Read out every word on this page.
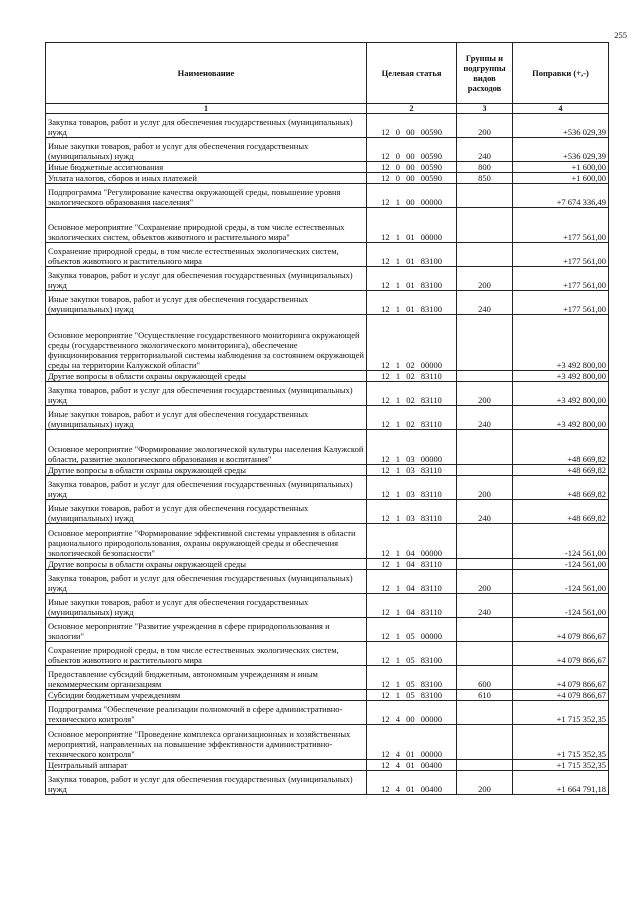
255
Наименование	Целевая статья	Группы и подгруппы видов расходов	Поправки (+,-)
1	2	3	4
Закупка товаров, работ и услуг для обеспечения государственных (муниципальных) нужд	12 0 00 00590	200	+536 029,39
Иные закупки товаров, работ и услуг для обеспечения государственных (муниципальных) нужд	12 0 00 00590	240	+536 029,39
Иные бюджетные ассигнования	12 0 00 00590	800	+1 600,00
Уплата налогов, сборов и иных платежей	12 0 00 00590	850	+1 600,00
Подпрограмма "Регулирование качества окружающей среды, повышение уровня экологического образования населения"	12 1 00 00000		+7 674 336,49
Основное мероприятие "Сохранение природной среды, в том числе естественных экологических систем, объектов животного и растительного мира"	12 1 01 00000		+177 561,00
Сохранение природной среды, в том числе естественных экологических систем, объектов животного и растительного мира	12 1 01 83100		+177 561,00
Закупка товаров, работ и услуг для обеспечения государственных (муниципальных) нужд	12 1 01 83100	200	+177 561,00
Иные закупки товаров, работ и услуг для обеспечения государственных (муниципальных) нужд	12 1 01 83100	240	+177 561,00
Основное мероприятие "Осуществление государственного мониторинга окружающей среды (государственного экологического мониторинга), обеспечение функционирования территориальной системы наблюдения за состоянием окружающей среды на территории Калужской области"	12 1 02 00000		+3 492 800,00
Другие вопросы в области охраны окружающей среды	12 1 02 83110		+3 492 800,00
Закупка товаров, работ и услуг для обеспечения государственных (муниципальных) нужд	12 1 02 83110	200	+3 492 800,00
Иные закупки товаров, работ и услуг для обеспечения государственных (муниципальных) нужд	12 1 02 83110	240	+3 492 800,00
Основное мероприятие "Формирование экологической культуры населения Калужской области, развитие экологического образования и воспитания"	12 1 03 00000		+48 669,82
Другие вопросы в области охраны окружающей среды	12 1 03 83110		+48 669,82
Закупка товаров, работ и услуг для обеспечения государственных (муниципальных) нужд	12 1 03 83110	200	+48 669,82
Иные закупки товаров, работ и услуг для обеспечения государственных (муниципальных) нужд	12 1 03 83110	240	+48 669,82
Основное мероприятие "Формирование эффективной системы управления в области рационального природопользования, охраны окружающей среды и обеспечения экологической безопасности"	12 1 04 00000		-124 561,00
Другие вопросы в области охраны окружающей среды	12 1 04 83110		-124 561,00
Закупка товаров, работ и услуг для обеспечения государственных (муниципальных) нужд	12 1 04 83110	200	-124 561,00
Иные закупки товаров, работ и услуг для обеспечения государственных (муниципальных) нужд	12 1 04 83110	240	-124 561,00
Основное мероприятие "Развитие учреждения в сфере природопользования и экологии"	12 1 05 00000		+4 079 866,67
Сохранение природной среды, в том числе естественных экологических систем, объектов животного и растительного мира	12 1 05 83100		+4 079 866,67
Предоставление субсидий бюджетным, автономным учреждениям и иным некоммерческим организациям	12 1 05 83100	600	+4 079 866,67
Субсидии бюджетным учреждениям	12 1 05 83100	610	+4 079 866,67
Подпрограмма "Обеспечение реализации полномочий в сфере административно-технического контроля"	12 4 00 00000		+1 715 352,35
Основное мероприятие "Проведение комплекса организационных и хозяйственных мероприятий, направленных на повышение эффективности административно-технического контроля"	12 4 01 00000		+1 715 352,35
Центральный аппарат	12 4 01 00400		+1 715 352,35
Закупка товаров, работ и услуг для обеспечения государственных (муниципальных) нужд	12 4 01 00400	200	+1 664 791,18
